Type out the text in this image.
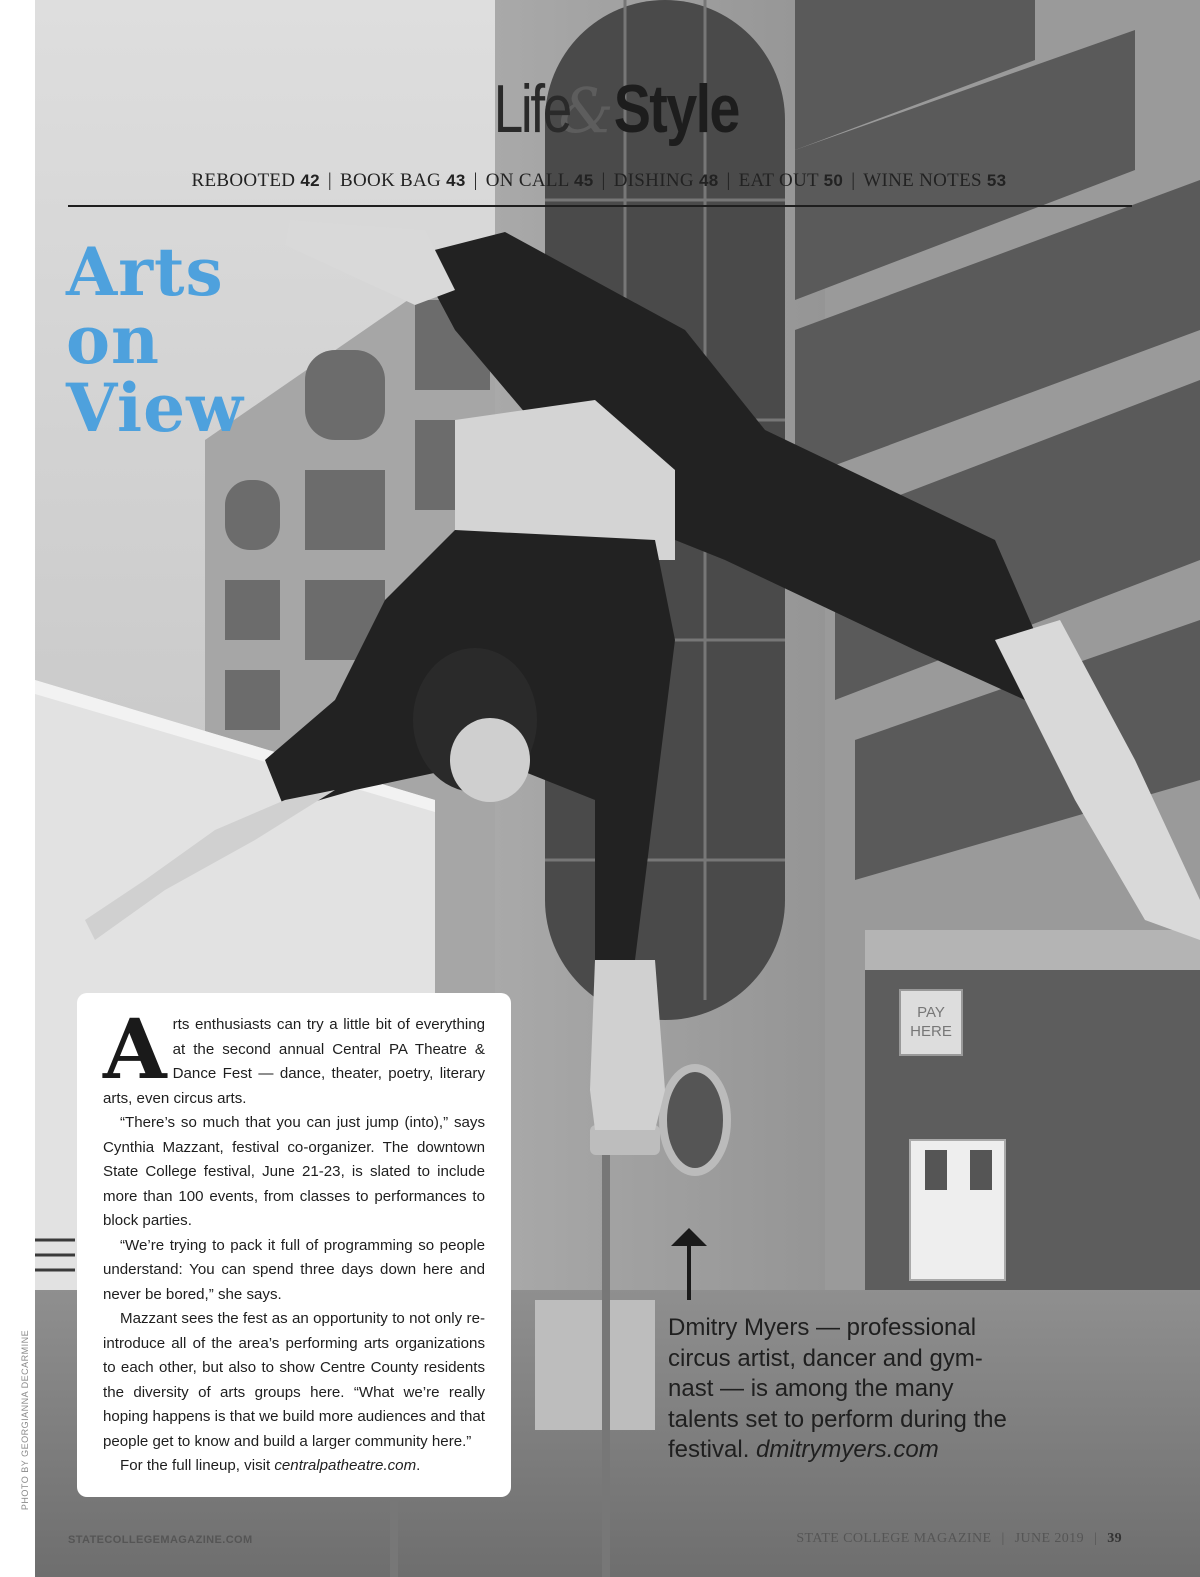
PAY
HERE
PHOTO BY GEORGIANNA DECARMINE
Life&Style
REBOOTED 42 | BOOK BAG 43 | ON CALL 45 | DISHING 48 | EAT OUT 50 | WINE NOTES 53
Arts
on
View
A rts enthusiasts can try a little bit of everything at the second annual Central PA Theatre & Dance Fest — dance, theater, poetry, literary arts, even circus arts.

“There’s so much that you can just jump (into),” says Cynthia Mazzant, festival co-organizer. The downtown State College festival, June 21-23, is slated to include more than 100 events, from classes to performances to block parties.

“We’re trying to pack it full of programming so people understand: You can spend three days down here and never be bored,” she says.

Mazzant sees the fest as an opportunity to not only re-introduce all of the area’s performing arts organizations to each other, but also to show Centre County residents the diversity of arts groups here. “What we’re really hoping happens is that we build more audiences and that people get to know and build a larger community here.”

For the full lineup, visit centralpatheatre.com.

Dmitry Myers — professional circus artist, dancer and gym-nast — is among the many talents set to perform during the festival. dmitrymyers.com
STATECOLLEGEMAGAZINE.COM	STATE COLLEGE MAGAZINE | JUNE 2019 | 39
